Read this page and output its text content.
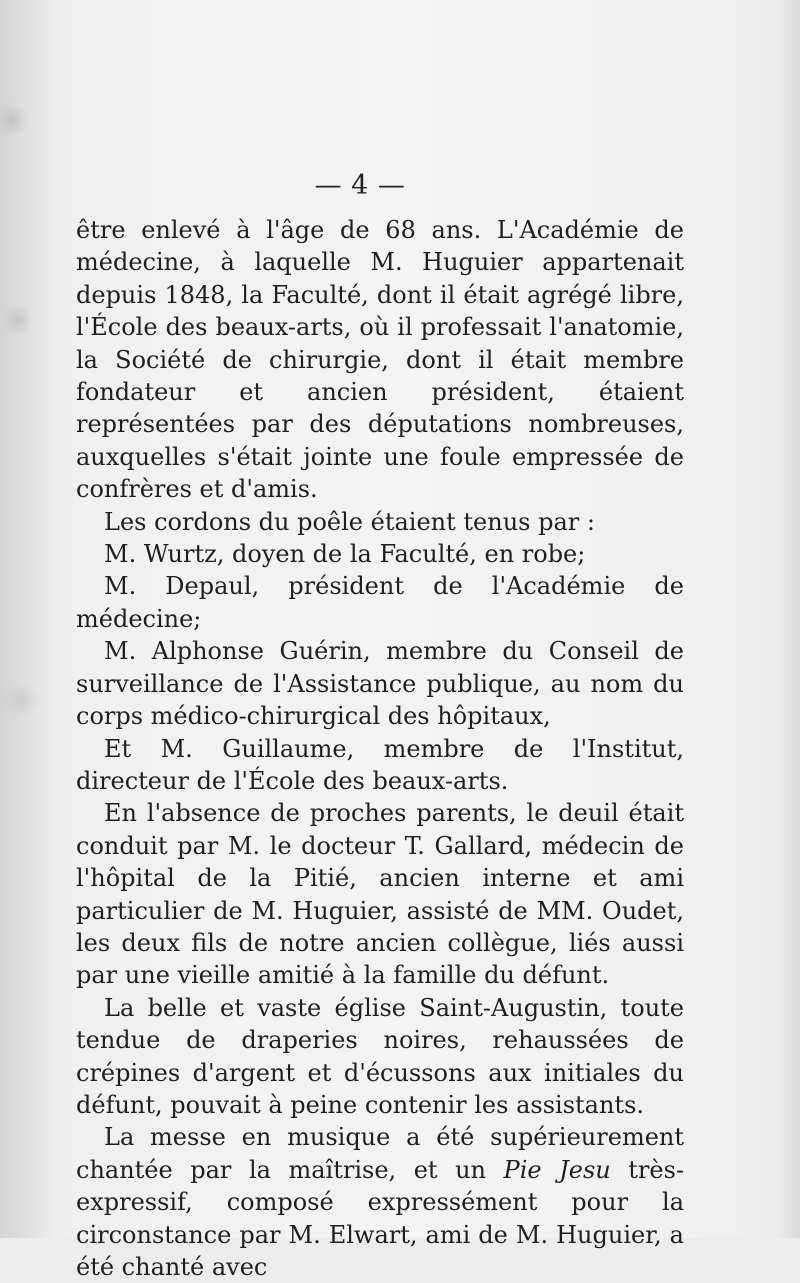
— 4 —

être enlevé à l'âge de 68 ans. L'Académie de médecine, à laquelle M. Huguier appartenait depuis 1848, la Faculté, dont il était agrégé libre, l'École des beaux-arts, où il professait l'anatomie, la Société de chirurgie, dont il était membre fondateur et ancien président, étaient représentées par des députations nombreuses, auxquelles s'était jointe une foule empressée de confrères et d'amis.

Les cordons du poêle étaient tenus par :

M. Wurtz, doyen de la Faculté, en robe;

M. Depaul, président de l'Académie de médecine;

M. Alphonse Guérin, membre du Conseil de surveillance de l'Assistance publique, au nom du corps médico-chirurgical des hôpitaux,

Et M. Guillaume, membre de l'Institut, directeur de l'École des beaux-arts.

En l'absence de proches parents, le deuil était conduit par M. le docteur T. Gallard, médecin de l'hôpital de la Pitié, ancien interne et ami particulier de M. Huguier, assisté de MM. Oudet, les deux fils de notre ancien collègue, liés aussi par une vieille amitié à la famille du défunt.

La belle et vaste église Saint-Augustin, toute tendue de draperies noires, rehaussées de crépines d'argent et d'écussons aux initiales du défunt, pouvait à peine contenir les assistants.

La messe en musique a été supérieurement chantée par la maîtrise, et un Pie Jesu très-expressif, composé expressément pour la circonstance par M. Elwart, ami de M. Huguier, a été chanté avec
